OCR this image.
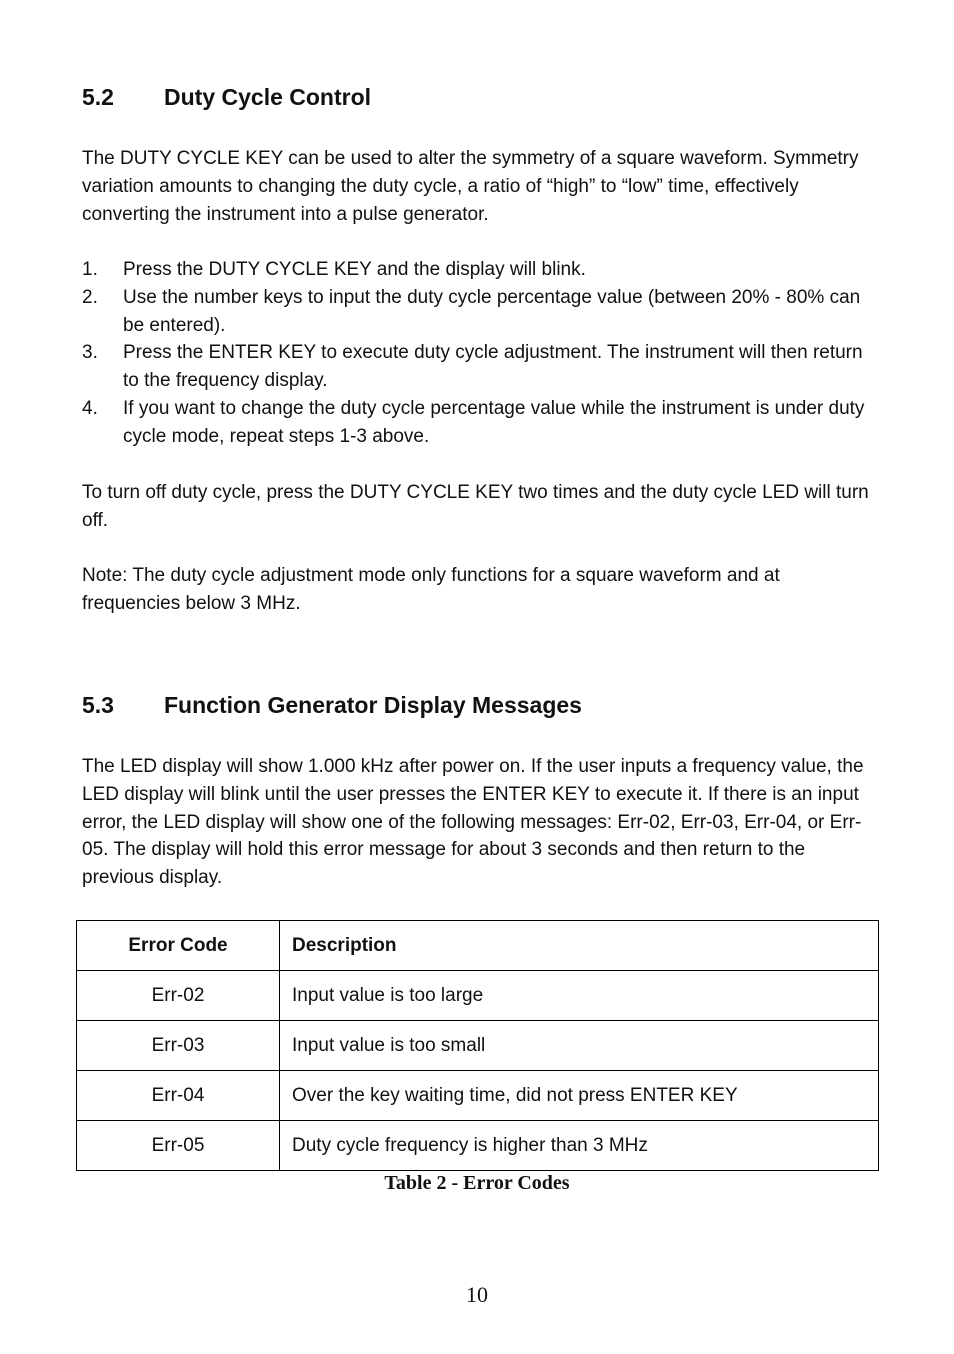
5.2 Duty Cycle Control

The DUTY CYCLE KEY can be used to alter the symmetry of a square waveform. Symmetry variation amounts to changing the duty cycle, a ratio of “high” to “low” time, effectively converting the instrument into a pulse generator.

1. Press the DUTY CYCLE KEY and the display will blink.
2. Use the number keys to input the duty cycle percentage value (between 20% - 80% can be entered).
3. Press the ENTER KEY to execute duty cycle adjustment. The instrument will then return to the frequency display.
4. If you want to change the duty cycle percentage value while the instrument is under duty cycle mode, repeat steps 1-3 above.

To turn off duty cycle, press the DUTY CYCLE KEY two times and the duty cycle LED will turn off.

Note: The duty cycle adjustment mode only functions for a square waveform and at frequencies below 3 MHz.

5.3 Function Generator Display Messages

The LED display will show 1.000 kHz after power on. If the user inputs a frequency value, the LED display will blink until the user presses the ENTER KEY to execute it. If there is an input error, the LED display will show one of the following messages: Err-02, Err-03, Err-04, or Err-05. The display will hold this error message for about 3 seconds and then return to the previous display.

Error Code	Description
Err-02	Input value is too large
Err-03	Input value is too small
Err-04	Over the key waiting time, did not press ENTER KEY
Err-05	Duty cycle frequency is higher than 3 MHz
Table 2 - Error Codes
10
